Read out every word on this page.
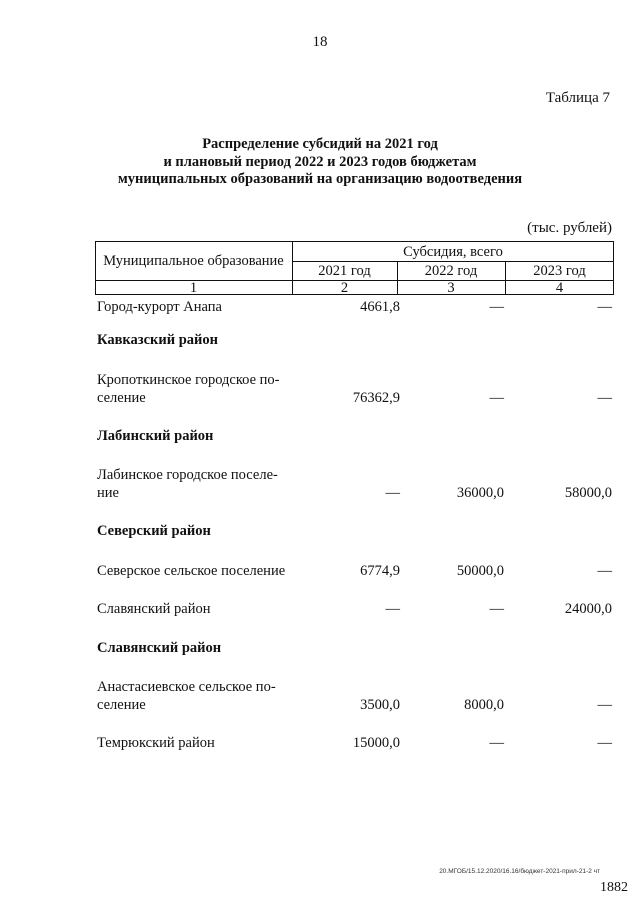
18
Таблица 7
Распределение субсидий на 2021 год
и плановый период 2022 и 2023 годов бюджетам
муниципальных образований на организацию водоотведения
(тыс. рублей)
Муниципальное образование
Субсидия, всего
2021 год	2022 год	2023 год
1	2	3	4
Город-курорт Анапа	4661,8	—	—
Кавказский район
Кропоткинское городское по-
селение	76362,9	—	—
Лабинский район
Лабинское городское поселе-
ние	—	36000,0	58000,0
Северский район
Северское сельское поселение	6774,9	50000,0	—
Славянский район	—	—	24000,0
Славянский район
Анастасиевское сельское по-
селение	3500,0	8000,0	—
Темрюкский район	15000,0	—	—
20.МГОБ/15.12.2020/16.16/бюджет-2021-прил-21-2 чт
1882
